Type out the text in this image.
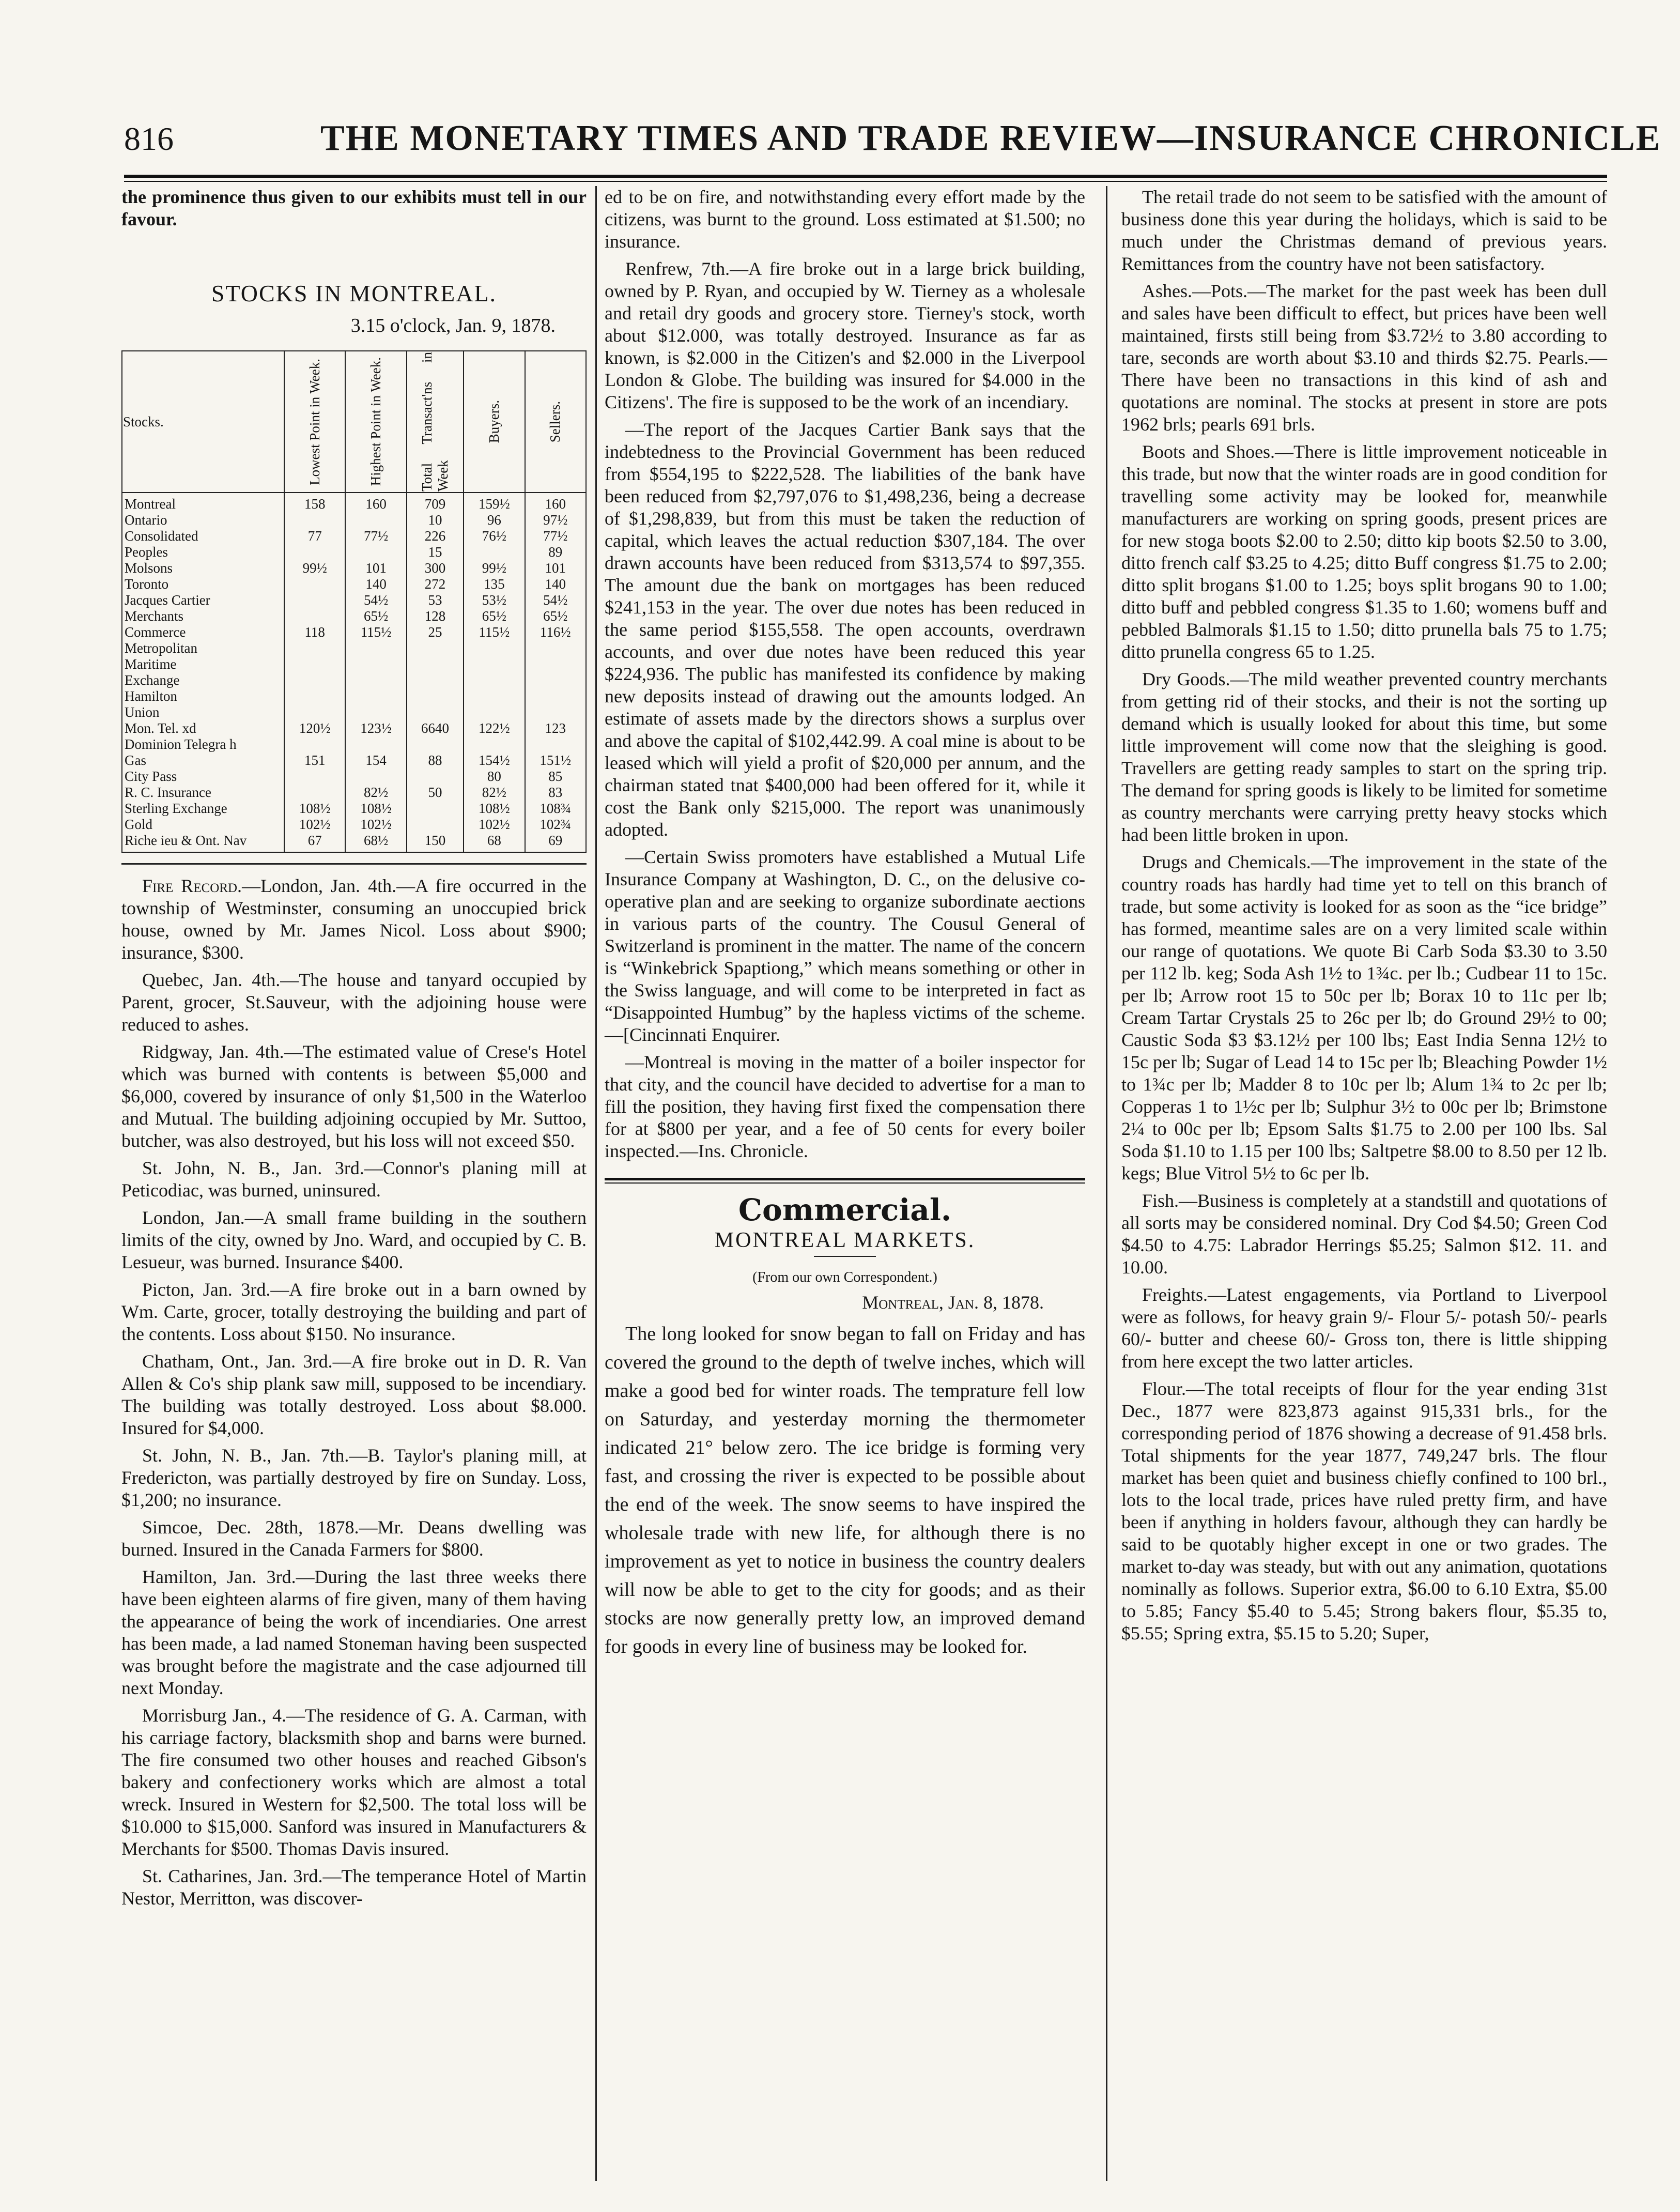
816	THE MONETARY TIMES AND TRADE REVIEW—INSURANCE CHRONICLE

the prominence thus given to our exhibits must tell in our favour.

STOCKS IN MONTREAL.
3.15 o'clock, Jan. 9, 1878.
Stocks.	Lowest Point in Week.	Highest Point in Week.	Total Transact'ns in Week	Buyers.	Sellers.

Montreal	158	160	709	159½	160
Ontario			10	96	97½
Consolidated	77	77½	226	76½	77½
Peoples			15		89
Molsons	99½	101	300	99½	101
Toronto		140	272	135	140
Jacques Cartier		54½	53	53½	54½
Merchants		65½	128	65½	65½
Commerce	118	115½	25	115½	116½
Metropolitan					
Maritime					
Exchange					
Hamilton					
Union					
Mon. Tel. xd	120½	123½	6640	122½	123
Dominion Telegra h					
Gas	151	154	88	154½	151½
City Pass				80	85
R. C. Insurance		82½	50	82½	83
Sterling Exchange	108½	108½		108½	108¾
Gold	102½	102½		102½	102¾
Riche ieu & Ont. Nav	67	68½	150	68	69

Fire Record.—London, Jan. 4th.—A fire occurred in the township of Westminster, consuming an unoccupied brick house, owned by Mr. James Nicol. Loss about $900; insurance, $300.

Quebec, Jan. 4th.—The house and tanyard occupied by Parent, grocer, St.Sauveur, with the adjoining house were reduced to ashes.

Ridgway, Jan. 4th.—The estimated value of Crese's Hotel which was burned with contents is between $5,000 and $6,000, covered by insurance of only $1,500 in the Waterloo and Mutual. The building adjoining occupied by Mr. Suttoo, butcher, was also destroyed, but his loss will not exceed $50.

St. John, N. B., Jan. 3rd.—Connor's planing mill at Peticodiac, was burned, uninsured.

London, Jan.—A small frame building in the southern limits of the city, owned by Jno. Ward, and occupied by C. B. Lesueur, was burned. Insurance $400.

Picton, Jan. 3rd.—A fire broke out in a barn owned by Wm. Carte, grocer, totally destroying the building and part of the contents. Loss about $150. No insurance.

Chatham, Ont., Jan. 3rd.—A fire broke out in D. R. Van Allen & Co's ship plank saw mill, supposed to be incendiary. The building was totally destroyed. Loss about $8.000. Insured for $4,000.

St. John, N. B., Jan. 7th.—B. Taylor's planing mill, at Fredericton, was partially destroyed by fire on Sunday. Loss, $1,200; no insurance.

Simcoe, Dec. 28th, 1878.—Mr. Deans dwelling was burned. Insured in the Canada Farmers for $800.

Hamilton, Jan. 3rd.—During the last three weeks there have been eighteen alarms of fire given, many of them having the appearance of being the work of incendiaries. One arrest has been made, a lad named Stoneman having been suspected was brought before the magistrate and the case adjourned till next Monday.

Morrisburg Jan., 4.—The residence of G. A. Carman, with his carriage factory, blacksmith shop and barns were burned. The fire consumed two other houses and reached Gibson's bakery and confectionery works which are almost a total wreck. Insured in Western for $2,500. The total loss will be $10.000 to $15,000. Sanford was insured in Manufacturers & Merchants for $500. Thomas Davis insured.

St. Catharines, Jan. 3rd.—The temperance Hotel of Martin Nestor, Merritton, was discover-

ed to be on fire, and notwithstanding every effort made by the citizens, was burnt to the ground. Loss estimated at $1.500; no insurance.

Renfrew, 7th.—A fire broke out in a large brick building, owned by P. Ryan, and occupied by W. Tierney as a wholesale and retail dry goods and grocery store. Tierney's stock, worth about $12.000, was totally destroyed. Insurance as far as known, is $2.000 in the Citizen's and $2.000 in the Liverpool London & Globe. The building was insured for $4.000 in the Citizens'. The fire is supposed to be the work of an incendiary.

—The report of the Jacques Cartier Bank says that the indebtedness to the Provincial Government has been reduced from $554,195 to $222,528. The liabilities of the bank have been reduced from $2,797,076 to $1,498,236, being a decrease of $1,298,839, but from this must be taken the reduction of capital, which leaves the actual reduction $307,184. The over drawn accounts have been reduced from $313,574 to $97,355. The amount due the bank on mortgages has been reduced $241,153 in the year. The over due notes has been reduced in the same period $155,558. The open accounts, overdrawn accounts, and over due notes have been reduced this year $224,936. The public has manifested its confidence by making new deposits instead of drawing out the amounts lodged. An estimate of assets made by the directors shows a surplus over and above the capital of $102,442.99. A coal mine is about to be leased which will yield a profit of $20,000 per annum, and the chairman stated tnat $400,000 had been offered for it, while it cost the Bank only $215,000. The report was unanimously adopted.

—Certain Swiss promoters have established a Mutual Life Insurance Company at Washington, D. C., on the delusive co-operative plan and are seeking to organize subordinate aections in various parts of the country. The Cousul General of Switzerland is prominent in the matter. The name of the concern is “Winkebrick Spaptiong,” which means something or other in the Swiss language, and will come to be interpreted in fact as “Disappointed Humbug” by the hapless victims of the scheme.—[Cincinnati Enquirer.

—Montreal is moving in the matter of a boiler inspector for that city, and the council have decided to advertise for a man to fill the position, they having first fixed the compensation there for at $800 per year, and a fee of 50 cents for every boiler inspected.—Ins. Chronicle.

Commercial.
MONTREAL MARKETS.
(From our own Correspondent.)
Montreal, Jan. 8, 1878.

The long looked for snow began to fall on Friday and has covered the ground to the depth of twelve inches, which will make a good bed for winter roads. The temprature fell low on Saturday, and yesterday morning the thermometer indicated 21° below zero. The ice bridge is forming very fast, and crossing the river is expected to be possible about the end of the week. The snow seems to have inspired the wholesale trade with new life, for although there is no improvement as yet to notice in business the country dealers will now be able to get to the city for goods; and as their stocks are now generally pretty low, an improved demand for goods in every line of business may be looked for.

The retail trade do not seem to be satisfied with the amount of business done this year during the holidays, which is said to be much under the Christmas demand of previous years. Remittances from the country have not been satisfactory.

Ashes.—Pots.—The market for the past week has been dull and sales have been difficult to effect, but prices have been well maintained, firsts still being from $3.72½ to 3.80 according to tare, seconds are worth about $3.10 and thirds $2.75. Pearls.—There have been no transactions in this kind of ash and quotations are nominal. The stocks at present in store are pots 1962 brls; pearls 691 brls.

Boots and Shoes.—There is little improvement noticeable in this trade, but now that the winter roads are in good condition for travelling some activity may be looked for, meanwhile manufacturers are working on spring goods, present prices are for new stoga boots $2.00 to 2.50; ditto kip boots $2.50 to 3.00, ditto french calf $3.25 to 4.25; ditto Buff congress $1.75 to 2.00; ditto split brogans $1.00 to 1.25; boys split brogans 90 to 1.00; ditto buff and pebbled congress $1.35 to 1.60; womens buff and pebbled Balmorals $1.15 to 1.50; ditto prunella bals 75 to 1.75; ditto prunella congress 65 to 1.25.

Dry Goods.—The mild weather prevented country merchants from getting rid of their stocks, and their is not the sorting up demand which is usually looked for about this time, but some little improvement will come now that the sleighing is good. Travellers are getting ready samples to start on the spring trip. The demand for spring goods is likely to be limited for sometime as country merchants were carrying pretty heavy stocks which had been little broken in upon.

Drugs and Chemicals.—The improvement in the state of the country roads has hardly had time yet to tell on this branch of trade, but some activity is looked for as soon as the “ice bridge” has formed, meantime sales are on a very limited scale within our range of quotations. We quote Bi Carb Soda $3.30 to 3.50 per 112 lb. keg; Soda Ash 1½ to 1¾c. per lb.; Cudbear 11 to 15c. per lb; Arrow root 15 to 50c per lb; Borax 10 to 11c per lb; Cream Tartar Crystals 25 to 26c per lb; do Ground 29½ to 00; Caustic Soda $3 $3.12½ per 100 lbs; East India Senna 12½ to 15c per lb; Sugar of Lead 14 to 15c per lb; Bleaching Powder 1½ to 1¾c per lb; Madder 8 to 10c per lb; Alum 1¾ to 2c per lb; Copperas 1 to 1½c per lb; Sulphur 3½ to 00c per lb; Brimstone 2¼ to 00c per lb; Epsom Salts $1.75 to 2.00 per 100 lbs. Sal Soda $1.10 to 1.15 per 100 lbs; Saltpetre $8.00 to 8.50 per 12 lb. kegs; Blue Vitrol 5½ to 6c per lb.

Fish.—Business is completely at a standstill and quotations of all sorts may be considered nominal. Dry Cod $4.50; Green Cod $4.50 to 4.75: Labrador Herrings $5.25; Salmon $12. 11. and 10.00.

Freights.—Latest engagements, via Portland to Liverpool were as follows, for heavy grain 9/- Flour 5/- potash 50/- pearls 60/- butter and cheese 60/- Gross ton, there is little shipping from here except the two latter articles.

Flour.—The total receipts of flour for the year ending 31st Dec., 1877 were 823,873 against 915,331 brls., for the corresponding period of 1876 showing a decrease of 91.458 brls. Total shipments for the year 1877, 749,247 brls. The flour market has been quiet and business chiefly confined to 100 brl., lots to the local trade, prices have ruled pretty firm, and have been if anything in holders favour, although they can hardly be said to be quotably higher except in one or two grades. The market to-day was steady, but with out any animation, quotations nominally as follows. Superior extra, $6.00 to 6.10 Extra, $5.00 to 5.85; Fancy $5.40 to 5.45; Strong bakers flour, $5.35 to, $5.55; Spring extra, $5.15 to 5.20; Super,
